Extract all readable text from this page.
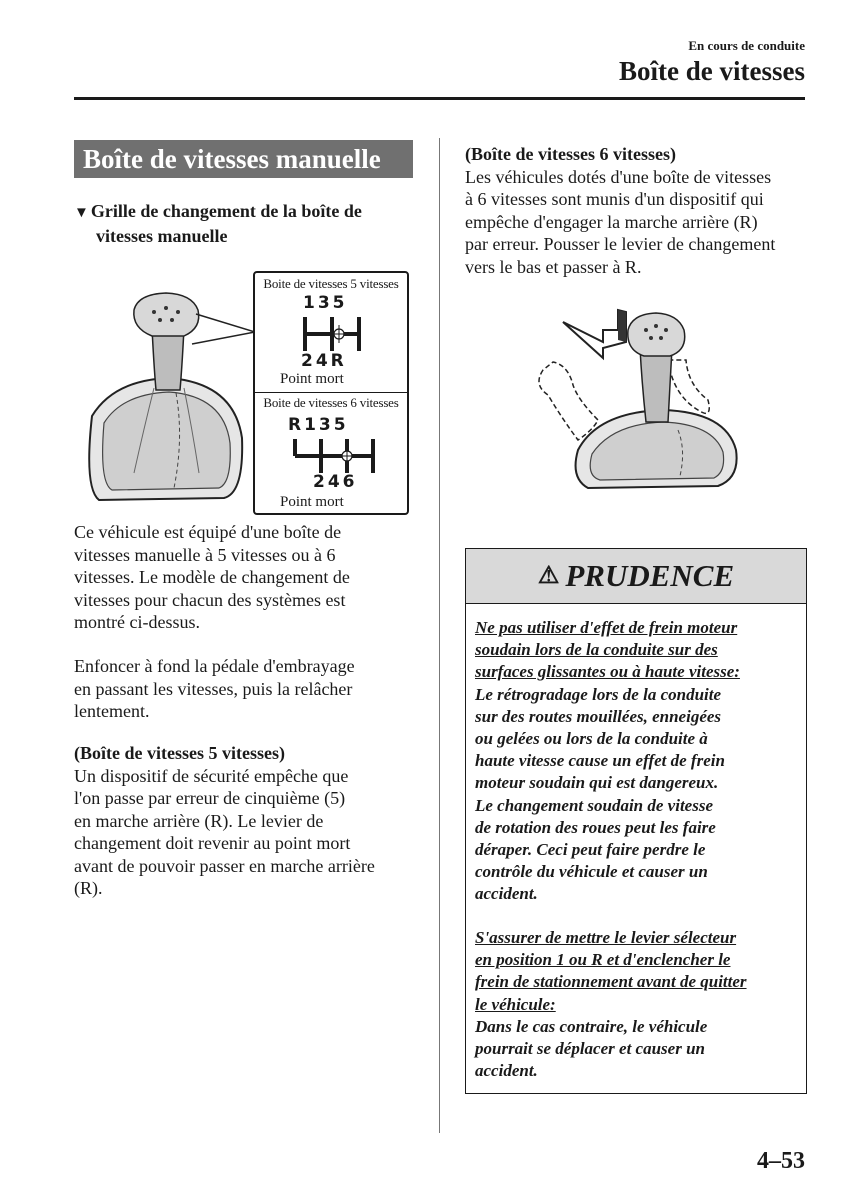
En cours de conduite
Boîte de vitesses
Boîte de vitesses manuelle
▼ Grille de changement de la boîte de
vitesses manuelle
Boite de vitesses 5 vitesses
135
24R
Point mort
Boite de vitesses 6 vitesses
R135
246
Point mort
Ce véhicule est équipé d'une boîte de
vitesses manuelle à 5 vitesses ou à 6
vitesses. Le modèle de changement de
vitesses pour chacun des systèmes est
montré ci-dessus.
Enfoncer à fond la pédale d'embrayage
en passant les vitesses, puis la relâcher
lentement.
(Boîte de vitesses 5 vitesses)
Un dispositif de sécurité empêche que
l'on passe par erreur de cinquième (5)
en marche arrière (R). Le levier de
changement doit revenir au point mort
avant de pouvoir passer en marche arrière
(R).
(Boîte de vitesses 6 vitesses)
Les véhicules dotés d'une boîte de vitesses
à 6 vitesses sont munis d'un dispositif qui
empêche d'engager la marche arrière (R)
par erreur. Pousser le levier de changement
vers le bas et passer à R.
⚠ PRUDENCE
Ne pas utiliser d'effet de frein moteur
soudain lors de la conduite sur des
surfaces glissantes ou à haute vitesse:
Le rétrogradage lors de la conduite
sur des routes mouillées, enneigées
ou gelées ou lors de la conduite à
haute vitesse cause un effet de frein
moteur soudain qui est dangereux.
Le changement soudain de vitesse
de rotation des roues peut les faire
déraper. Ceci peut faire perdre le
contrôle du véhicule et causer un
accident.
S'assurer de mettre le levier sélecteur
en position 1 ou R et d'enclencher le
frein de stationnement avant de quitter
le véhicule:
Dans le cas contraire, le véhicule
pourrait se déplacer et causer un
accident.
4–53
